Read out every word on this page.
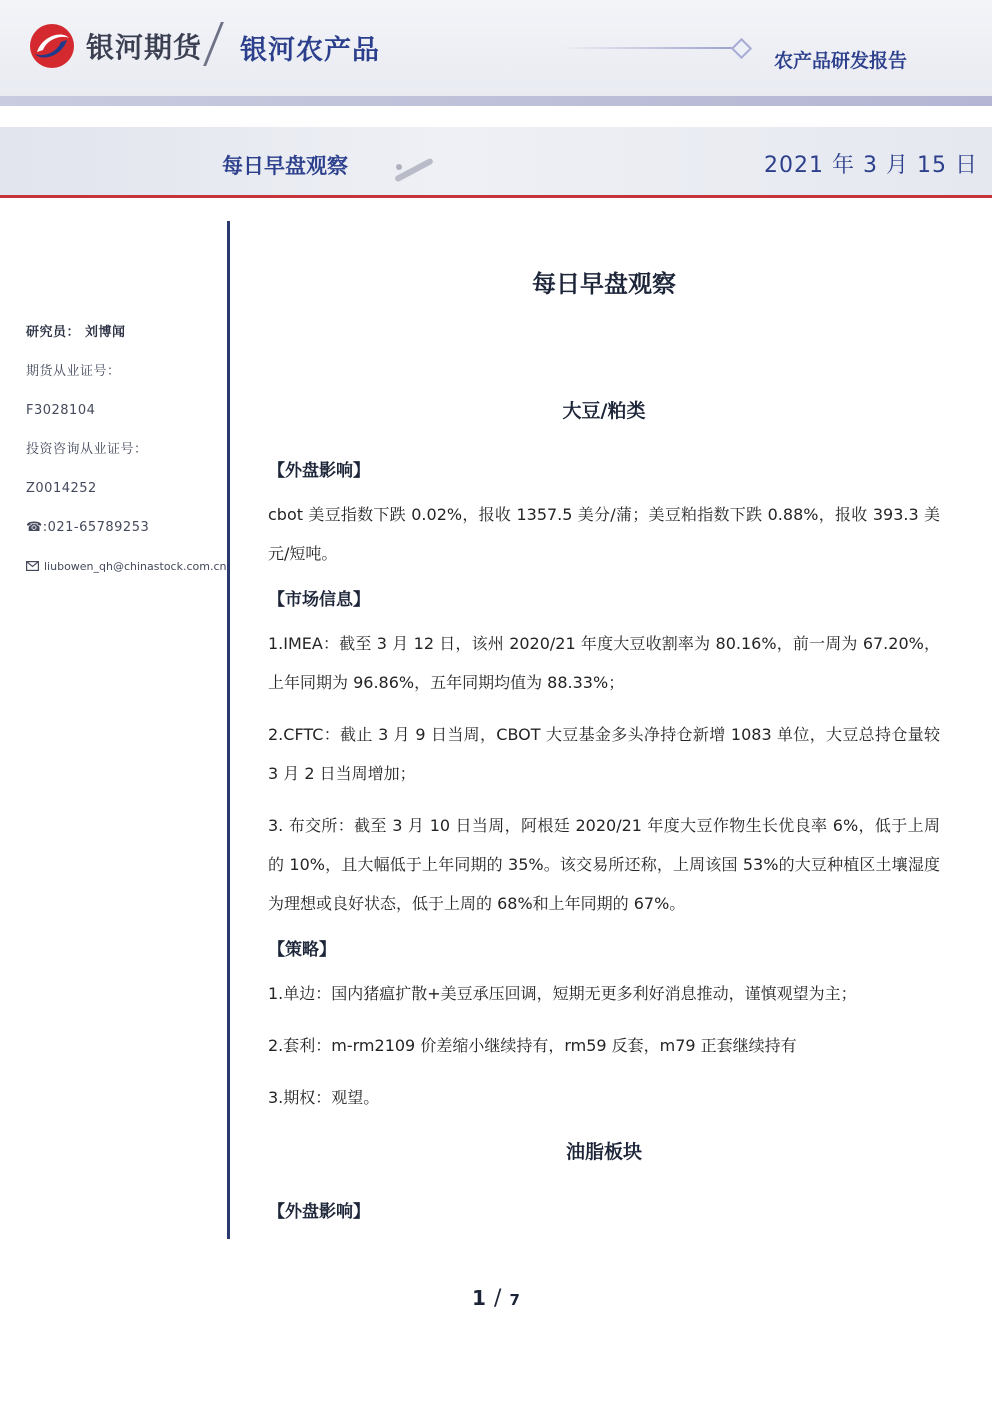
银河期货 银河农产品	农产品研发报告
每日早盘观察	2021 年 3 月 15 日
研究员： 刘博闻
期货从业证号：
F3028104
投资咨询从业证号：
Z0014252
☎:021-65789253
liubowen_qh@chinastock.com.cn
每日早盘观察
大豆/粕类
【外盘影响】
cbot 美豆指数下跌 0.02%，报收 1357.5 美分/蒲；美豆粕指数下跌 0.88%，报收 393.3 美元/短吨。
【市场信息】
1.IMEA：截至 3 月 12 日，该州 2020/21 年度大豆收割率为 80.16%，前一周为 67.20%，上年同期为 96.86%，五年同期均值为 88.33%；
2.CFTC：截止 3 月 9 日当周，CBOT 大豆基金多头净持仓新增 1083 单位，大豆总持仓量较 3 月 2 日当周增加；
3. 布交所：截至 3 月 10 日当周，阿根廷 2020/21 年度大豆作物生长优良率 6%，低于上周的 10%，且大幅低于上年同期的 35%。该交易所还称，上周该国 53%的大豆种植区土壤湿度为理想或良好状态，低于上周的 68%和上年同期的 67%。
【策略】
1.单边：国内猪瘟扩散+美豆承压回调，短期无更多利好消息推动，谨慎观望为主；
2.套利：m-rm2109 价差缩小继续持有，rm59 反套，m79 正套继续持有
3.期权：观望。
油脂板块
【外盘影响】
1 / 7
